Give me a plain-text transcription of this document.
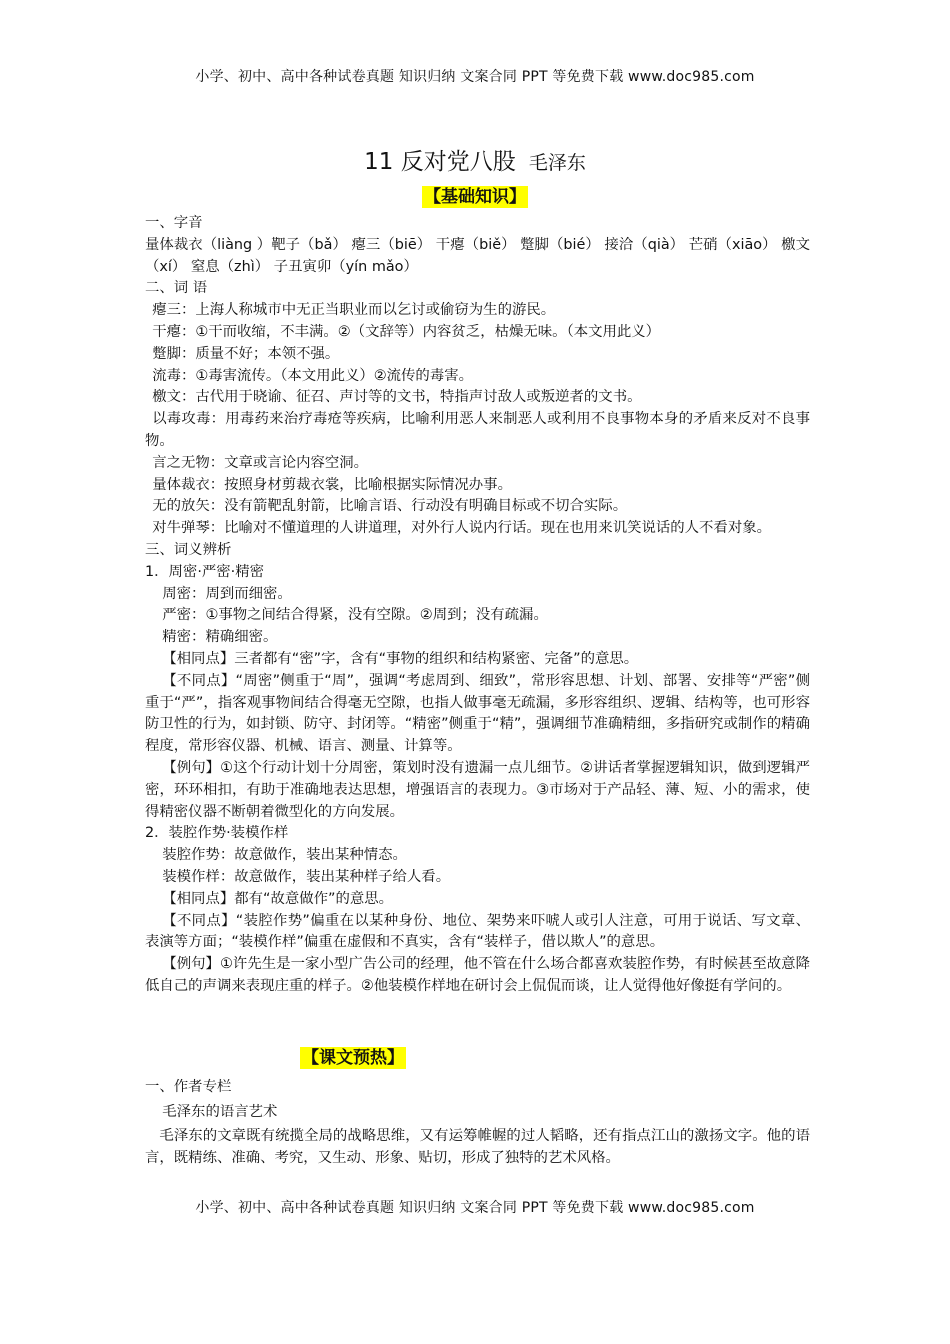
小学、初中、高中各种试卷真题 知识归纳 文案合同 PPT 等免费下载 www.doc985.com
11 反对党八股 毛泽东
【基础知识】

一、字音

量体裁衣（liàng ）靶子（bǎ） 瘪三（biē） 干瘪（biě） 蹩脚（bié） 接洽（qià） 芒硝（xiāo） 檄文（xí） 窒息（zhì） 子丑寅卯（yín mǎo）

二、词 语

瘪三：上海人称城市中无正当职业而以乞讨或偷窃为生的游民。

干瘪：①干而收缩，不丰满。②（文辞等）内容贫乏，枯燥无味。（本文用此义）

蹩脚：质量不好；本领不强。

流毒：①毒害流传。（本文用此义）②流传的毒害。

檄文：古代用于晓谕、征召、声讨等的文书，特指声讨敌人或叛逆者的文书。

以毒攻毒：用毒药来治疗毒疮等疾病，比喻利用恶人来制恶人或利用不良事物本身的矛盾来反对不良事物。

言之无物：文章或言论内容空洞。

量体裁衣：按照身材剪裁衣裳，比喻根据实际情况办事。

无的放矢：没有箭靶乱射箭，比喻言语、行动没有明确目标或不切合实际。

对牛弹琴：比喻对不懂道理的人讲道理，对外行人说内行话。现在也用来讥笑说话的人不看对象。

三、词义辨析

1．周密·严密·精密

周密：周到而细密。

严密：①事物之间结合得紧，没有空隙。②周到；没有疏漏。

精密：精确细密。

【相同点】三者都有“密”字，含有“事物的组织和结构紧密、完备”的意思。

【不同点】“周密”侧重于“周”，强调“考虑周到、细致”，常形容思想、计划、部署、安排等“严密”侧重于“严”，指客观事物间结合得毫无空隙，也指人做事毫无疏漏，多形容组织、逻辑、结构等，也可形容防卫性的行为，如封锁、防守、封闭等。“精密”侧重于“精”，强调细节准确精细，多指研究或制作的精确程度，常形容仪器、机械、语言、测量、计算等。

【例句】①这个行动计划十分周密，策划时没有遗漏一点儿细节。②讲话者掌握逻辑知识，做到逻辑严密，环环相扣，有助于准确地表达思想，增强语言的表现力。③市场对于产品轻、薄、短、小的需求，使得精密仪器不断朝着微型化的方向发展。

2．装腔作势·装模作样

装腔作势：故意做作，装出某种情态。

装模作样：故意做作，装出某种样子给人看。

【相同点】都有“故意做作”的意思。

【不同点】“装腔作势”偏重在以某种身份、地位、架势来吓唬人或引人注意，可用于说话、写文章、表演等方面；“装模作样”偏重在虚假和不真实，含有“装样子，借以欺人”的意思。

【例句】①许先生是一家小型广告公司的经理，他不管在什么场合都喜欢装腔作势，有时候甚至故意降低自己的声调来表现庄重的样子。②他装模作样地在研讨会上侃侃而谈，让人觉得他好像挺有学问的。

【课文预热】

一、作者专栏

毛泽东的语言艺术

毛泽东的文章既有统揽全局的战略思维，又有运筹帷幄的过人韬略，还有指点江山的激扬文字。他的语言，既精练、准确、考究，又生动、形象、贴切，形成了独特的艺术风格。

小学、初中、高中各种试卷真题 知识归纳 文案合同 PPT 等免费下载 www.doc985.com
